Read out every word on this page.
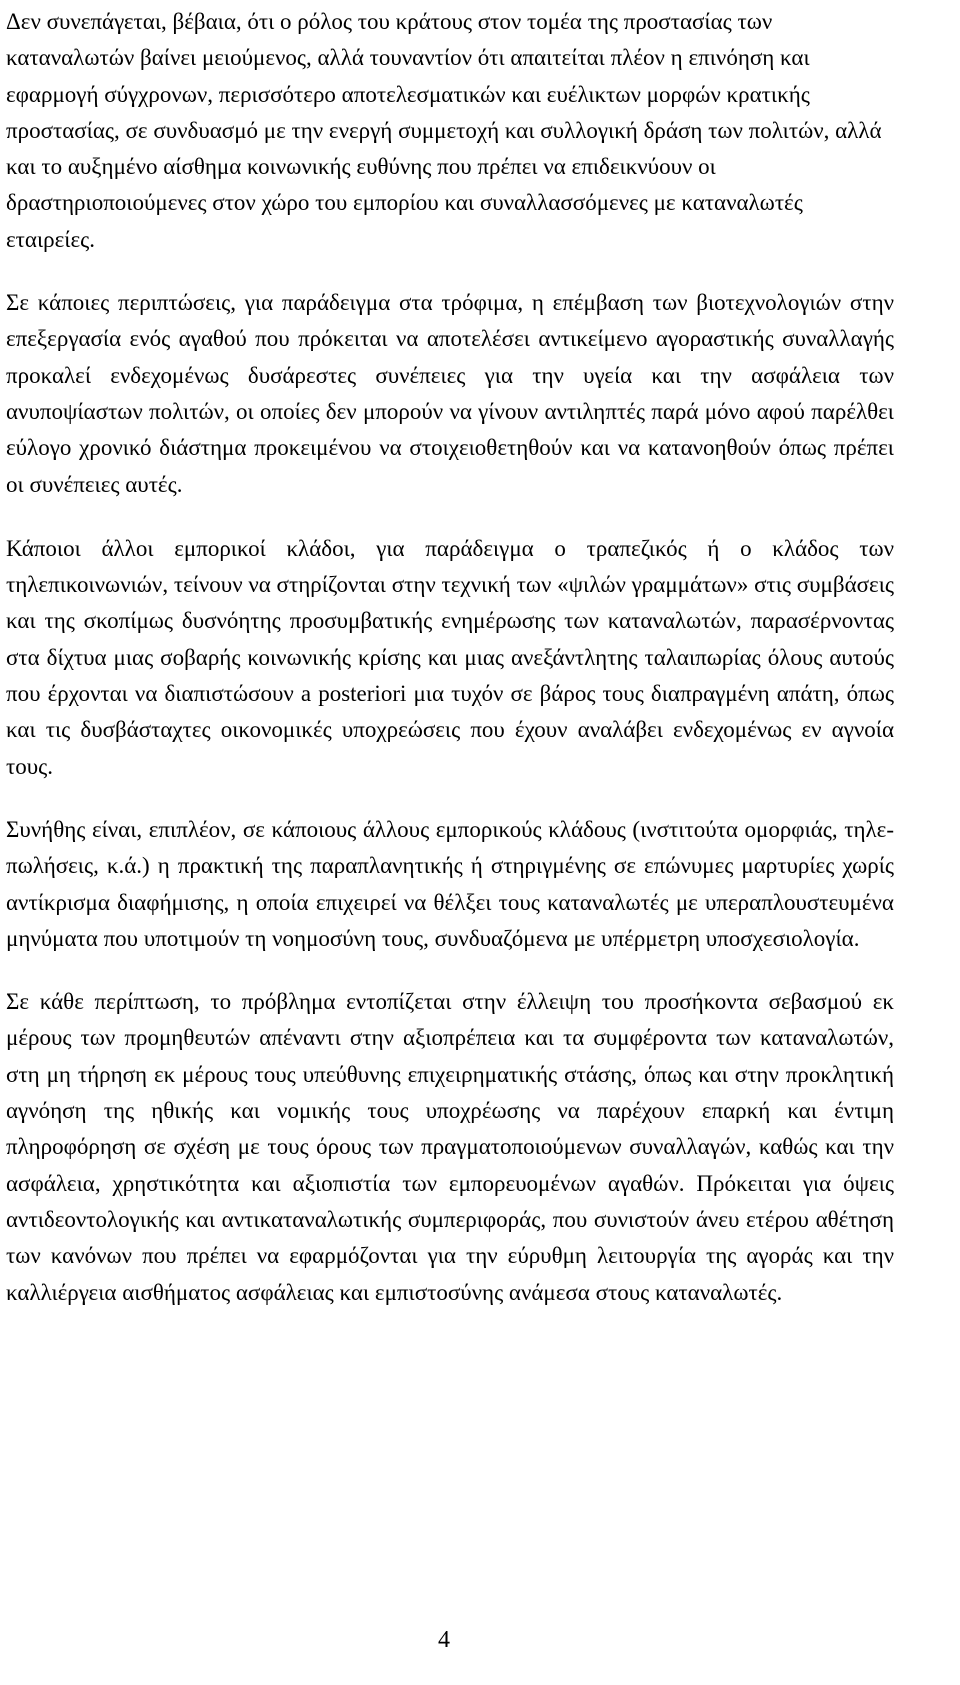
Δεν συνεπάγεται, βέβαια, ότι ο ρόλος του κράτους στον τομέα της προστασίας των καταναλωτών βαίνει μειούμενος, αλλά τουναντίον ότι απαιτείται πλέον η επινόηση και εφαρμογή σύγχρονων, περισσότερο αποτελεσματικών και ευέλικτων μορφών κρατικής προστασίας, σε συνδυασμό με την ενεργή συμμετοχή και συλλογική δράση των πολιτών, αλλά και το αυξημένο αίσθημα κοινωνικής ευθύνης που πρέπει να επιδεικνύουν οι δραστηριοποιούμενες στον χώρο του εμπορίου και συναλλασσόμενες με καταναλωτές εταιρείες.

Σε κάποιες περιπτώσεις, για παράδειγμα στα τρόφιμα, η επέμβαση των βιοτεχνολογιών στην επεξεργασία ενός αγαθού που πρόκειται να αποτελέσει αντικείμενο αγοραστικής συναλλαγής προκαλεί ενδεχομένως δυσάρεστες συνέπειες για την υγεία και την ασφάλεια των ανυποψίαστων πολιτών, οι οποίες δεν μπορούν να γίνουν αντιληπτές παρά μόνο αφού παρέλθει εύλογο χρονικό διάστημα προκειμένου να στοιχειοθετηθούν και να κατανοηθούν όπως πρέπει οι συνέπειες αυτές.

Κάποιοι άλλοι εμπορικοί κλάδοι, για παράδειγμα ο τραπεζικός ή ο κλάδος των τηλεπικοινωνιών, τείνουν να στηρίζονται στην τεχνική των «ψιλών γραμμάτων» στις συμβάσεις και της σκοπίμως δυσνόητης προσυμβατικής ενημέρωσης των καταναλωτών, παρασέρνοντας στα δίχτυα μιας σοβαρής κοινωνικής κρίσης και μιας ανεξάντλητης ταλαιπωρίας όλους αυτούς που έρχονται να διαπιστώσουν a posteriori μια τυχόν σε βάρος τους διαπραγμένη απάτη, όπως και τις δυσβάσταχτες οικονομικές υποχρεώσεις που έχουν αναλάβει ενδεχομένως εν αγνοία τους.

Συνήθης είναι, επιπλέον, σε κάποιους άλλους εμπορικούς κλάδους (ινστιτούτα ομορφιάς, τηλε-πωλήσεις, κ.ά.) η πρακτική της παραπλανητικής ή στηριγμένης σε επώνυμες μαρτυρίες χωρίς αντίκρισμα διαφήμισης, η οποία επιχειρεί να θέλξει τους καταναλωτές με υπεραπλουστευμένα μηνύματα που υποτιμούν τη νοημοσύνη τους, συνδυαζόμενα με υπέρμετρη υποσχεσιολογία.

Σε κάθε περίπτωση, το πρόβλημα εντοπίζεται στην έλλειψη του προσήκοντα σεβασμού εκ μέρους των προμηθευτών απέναντι στην αξιοπρέπεια και τα συμφέροντα των καταναλωτών, στη μη τήρηση εκ μέρους τους υπεύθυνης επιχειρηματικής στάσης, όπως και στην προκλητική αγνόηση της ηθικής και νομικής τους υποχρέωσης να παρέχουν επαρκή και έντιμη πληροφόρηση σε σχέση με τους όρους των πραγματοποιούμενων συναλλαγών, καθώς και την ασφάλεια, χρηστικότητα και αξιοπιστία των εμπορευομένων αγαθών. Πρόκειται για όψεις αντιδεοντολογικής και αντικαταναλωτικής συμπεριφοράς, που συνιστούν άνευ ετέρου αθέτηση των κανόνων που πρέπει να εφαρμόζονται για την εύρυθμη λειτουργία της αγοράς και την καλλιέργεια αισθήματος ασφάλειας και εμπιστοσύνης ανάμεσα στους καταναλωτές.

4
